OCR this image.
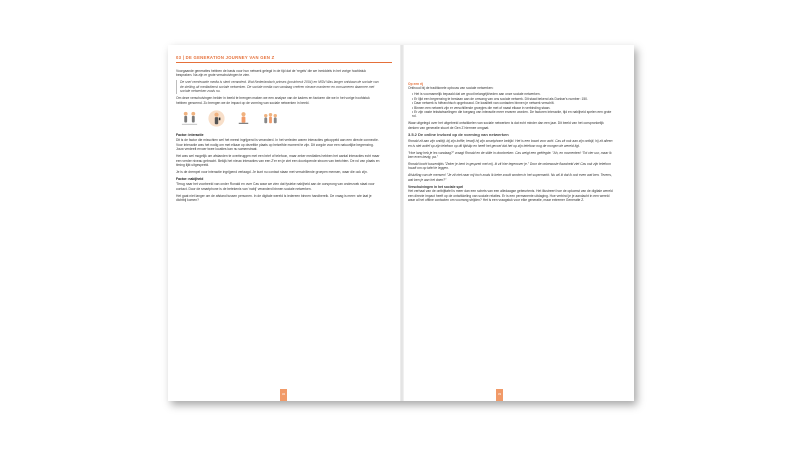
03 | DE GENERATION JOURNEY VAN GEN Z

Voorgaande generaties hebben de basis voor hun netwerk gelegd in de tijd dat de 'regels' die we inmiddels in het vorige hoofdstuk bespraken. Na zijn er grote verschuivingen te zien.

De snel vernieuwde media is sterk veranderd. Wat Nederlandsch prinses (postcheck 2004) en MSN Was langer ontstaan de sociale van de stelling uit mediadienst sociale netwerken. De sociale media van vandaag creëren nieuwe manieren en consumeren daarmee met sociale netwerken zoals nu.

Om deze verschuivingen helder in beeld te brengen maken we een analyse van de kaders en factoren die we in het vorige hoofdstuk hebben genoemd. Zo brengen we de impact op de vorming van sociale netwerken in beeld.

Factor: interactie

Dit is de factor die misschien wel het meest ingrijpend is veranderd. In het verleden waren interacties gekoppeld aan een directe connectie. Voor interactie was het nodig om met elkaar op dezelfde plaats op hetzelfde moment te zijn. Dit zorgde voor een natuurlijke begrenzing. Jouw verdeelt ervoer twee locaties kan nu samenstraat.

Het was wel mogelijk om afstanden te overbruggen met een brief of telefoon, maar zeker mediaties hebben het aantal interacties echt maar een verder niveau gebracht. Bekijk het nieuw interacties van een Z'er en je ziet een doorlopende stroom van berichten. De rol van plaats en timing lijkt uitgespeeld.

Je is de drempel voor interactie ingrijpend verlaagd. Je kunt nu contact staan met verschillende groepen mensen, waar die ook zijn.

Factor: nabijheid

'Terug naar het voorbeeld van onder Ronald en over Cas waar we zien dat fysieke nabijheid aan de oorsprong van onderzoek staat voor contact. Door de smartphone is de betekenis van 'nabij' veranderd binnen sociale netwerken.

Het gaat niet langer om de afstand tussen personen. In de digitale wereld is iedereen binnen handbereik. De vraag is meer: wie laat je dichtbij komen?

32
Op een rij

Onthoud bij de traditionele opbouw van sociale netwerken:

• Het is voornamelijk bepaald dat we groot belangrijkheden aan onze sociale netwerken.
• Er lijkt een begrenzing te bestaan aan de omvang van ons sociale netwerk. Dit staat bekend als Dunbar's number: 150.
• Daar netwerk is hiërarchisch opgebouwd. De kwaliteit van contacten binnen je netwerk verschilt.
• Binnen een netwerk zijn er verschillende groepjes die met of naast elkaar in verbinding staan.
• Er zijn vaste tekstwisselingen die toegang van interactie meer ervaren worden. De factoren interactie, tijd en nabijheid spelen een grote rol.

Waar uitgelegd over het uitgebreid ontwikkelen van sociale netwerken is dat echt minder dan een jaar. Dit beeld van het oorspronkelijk denken van generatie stuurt de Gen Z hiermee omgaat.

3.5.2 De online invloed op de vorming van netwerken

Ronald zit aan zijn ontbijt, bij zijn koffie, terwijl hij zijn smartphone bekijkt. Het is een kwart voor acht. Cas zit ook aan zijn ontbijt, hij zit alleen en is niet actief op zijn telefoon op dit tijdstip en heeft het gevoel dat het op zijn telefoon nog de morgen de wereld ligt.

"Hoe lang heb je les vandaag?" vraagt Ronald en de stilte in doorbreken. Cas weigt een geëlegde. "Ah, en momenteel: 'Tot vier uur, maar ik ben even bezig, pa."

Ronald kocht tussentijds "Zeker je bent in gesprek met mij. Ik zit hier tegenover je." Door de onbewuste flauwheid ziet Cas ook zijn telefoon houdt om op tafel te leggen.

Afsluiting van de mensen! "Je zit niet naar mij toch zoals ik beter zoudt worden in het supermarkt. Nu wil ik dat ik ook even wat ben. Tevens, wat ben je aan het doen?"

Verschuivingen in het sociale spel

Het verhaal van de ontbijttafel is meer dan een schets van een alledaagse gebeurtenis. Het illustreert hoe de opkomst van de digitale wereld een directe impact heeft op de ontwikkeling van sociale relaties. Er is een permanente uitdaging. Hoe verbind je je aandacht in een wereld waar al het offline contacten om voorrang strijden? Het is een vraagstuk voor elke generatie, maar extremer Generatie Z.

33
